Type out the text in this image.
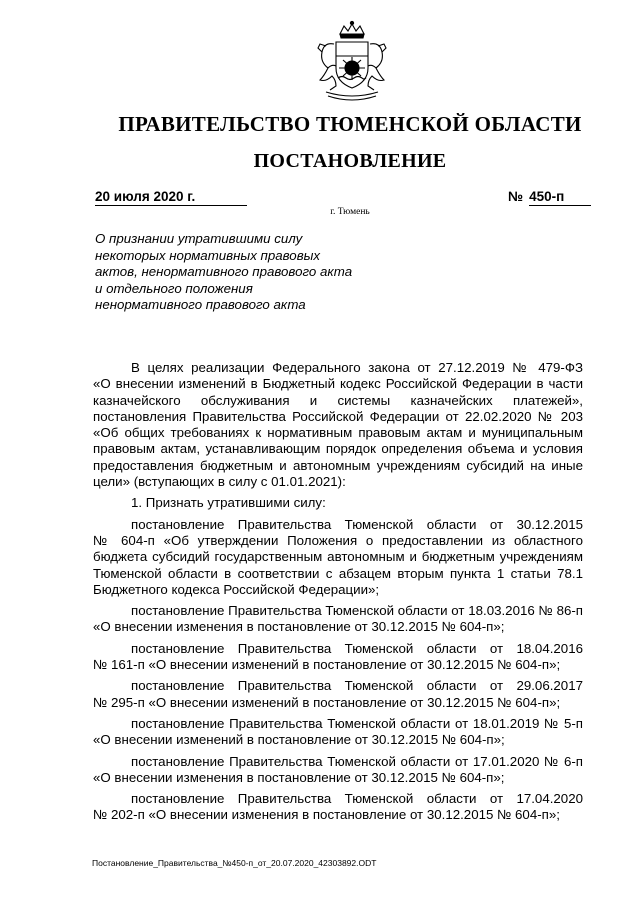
ПРАВИТЕЛЬСТВО ТЮМЕНСКОЙ ОБЛАСТИ
ПОСТАНОВЛЕНИЕ
20 июля 2020 г.	№ 450-п
г. Тюмень
О признании утратившими силу
некоторых нормативных правовых
актов, ненормативного правового акта
и отдельного положения
ненормативного правового акта

В целях реализации Федерального закона от 27.12.2019 № 479-ФЗ
«О внесении изменений в Бюджетный кодекс Российской Федерации в части
казначейского обслуживания и системы казначейских платежей»,
постановления Правительства Российской Федерации от 22.02.2020 № 203
«Об общих требованиях к нормативным правовым актам и муниципальным
правовым актам, устанавливающим порядок определения объема и условия
предоставления бюджетным и автономным учреждениям субсидий на иные
цели» (вступающих в силу с 01.01.2021):

1. Признать утратившими силу:

постановление Правительства Тюменской области от 30.12.2015
№ 604-п «Об утверждении Положения о предоставлении из областного
бюджета субсидий государственным автономным и бюджетным учреждениям
Тюменской области в соответствии с абзацем вторым пункта 1 статьи 78.1
Бюджетного кодекса Российской Федерации»;

постановление Правительства Тюменской области от 18.03.2016 № 86-п
«О внесении изменения в постановление от 30.12.2015 № 604-п»;

постановление Правительства Тюменской области от 18.04.2016
№ 161-п «О внесении изменений в постановление от 30.12.2015 № 604-п»;

постановление Правительства Тюменской области от 29.06.2017
№ 295-п «О внесении изменений в постановление от 30.12.2015 № 604-п»;

постановление Правительства Тюменской области от 18.01.2019 № 5-п
«О внесении изменений в постановление от 30.12.2015 № 604-п»;

постановление Правительства Тюменской области от 17.01.2020 № 6-п
«О внесении изменения в постановление от 30.12.2015 № 604-п»;

постановление Правительства Тюменской области от 17.04.2020
№ 202-п «О внесении изменения в постановление от 30.12.2015 № 604-п»;

Постановление_Правительства_№450-п_от_20.07.2020_42303892.ODT
